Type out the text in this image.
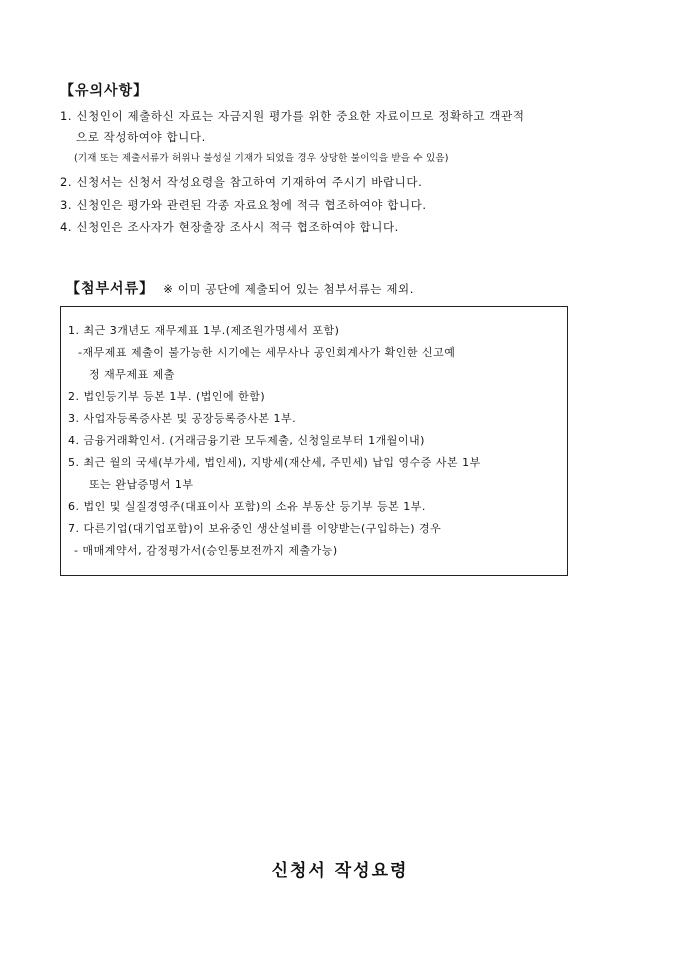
【유의사항】
1. 신청인이 제출하신 자료는 자금지원 평가를 위한 중요한 자료이므로 정확하고 객관적
으로 작성하여야 합니다.
(기재 또는 제출서류가 허위나 불성실 기재가 되었을 경우 상당한 불이익을 받을 수 있음)
2. 신청서는 신청서 작성요령을 참고하여 기재하여 주시기 바랍니다.
3. 신청인은 평가와 관련된 각종 자료요청에 적극 협조하여야 합니다.
4. 신청인은 조사자가 현장출장 조사시 적극 협조하여야 합니다.
【첨부서류】 ※ 이미 공단에 제출되어 있는 첨부서류는 제외.
1. 최근 3개년도 재무제표 1부.(제조원가명세서 포함)
-재무제표 제출이 불가능한 시기에는 세무사나 공인회계사가 확인한 신고예
정 재무제표 제출
2. 법인등기부 등본 1부. (법인에 한함)
3. 사업자등록증사본 및 공장등록증사본 1부.
4. 금융거래확인서. (거래금융기관 모두제출, 신청일로부터 1개월이내)
5. 최근 월의 국세(부가세, 법인세), 지방세(재산세, 주민세) 납입 영수증 사본 1부
또는 완납증명서 1부
6. 법인 및 실질경영주(대표이사 포함)의 소유 부동산 등기부 등본 1부.
7. 다른기업(대기업포함)이 보유중인 생산설비를 이양받는(구입하는) 경우
- 매매계약서, 감정평가서(승인통보전까지 제출가능)
신청서 작성요령
